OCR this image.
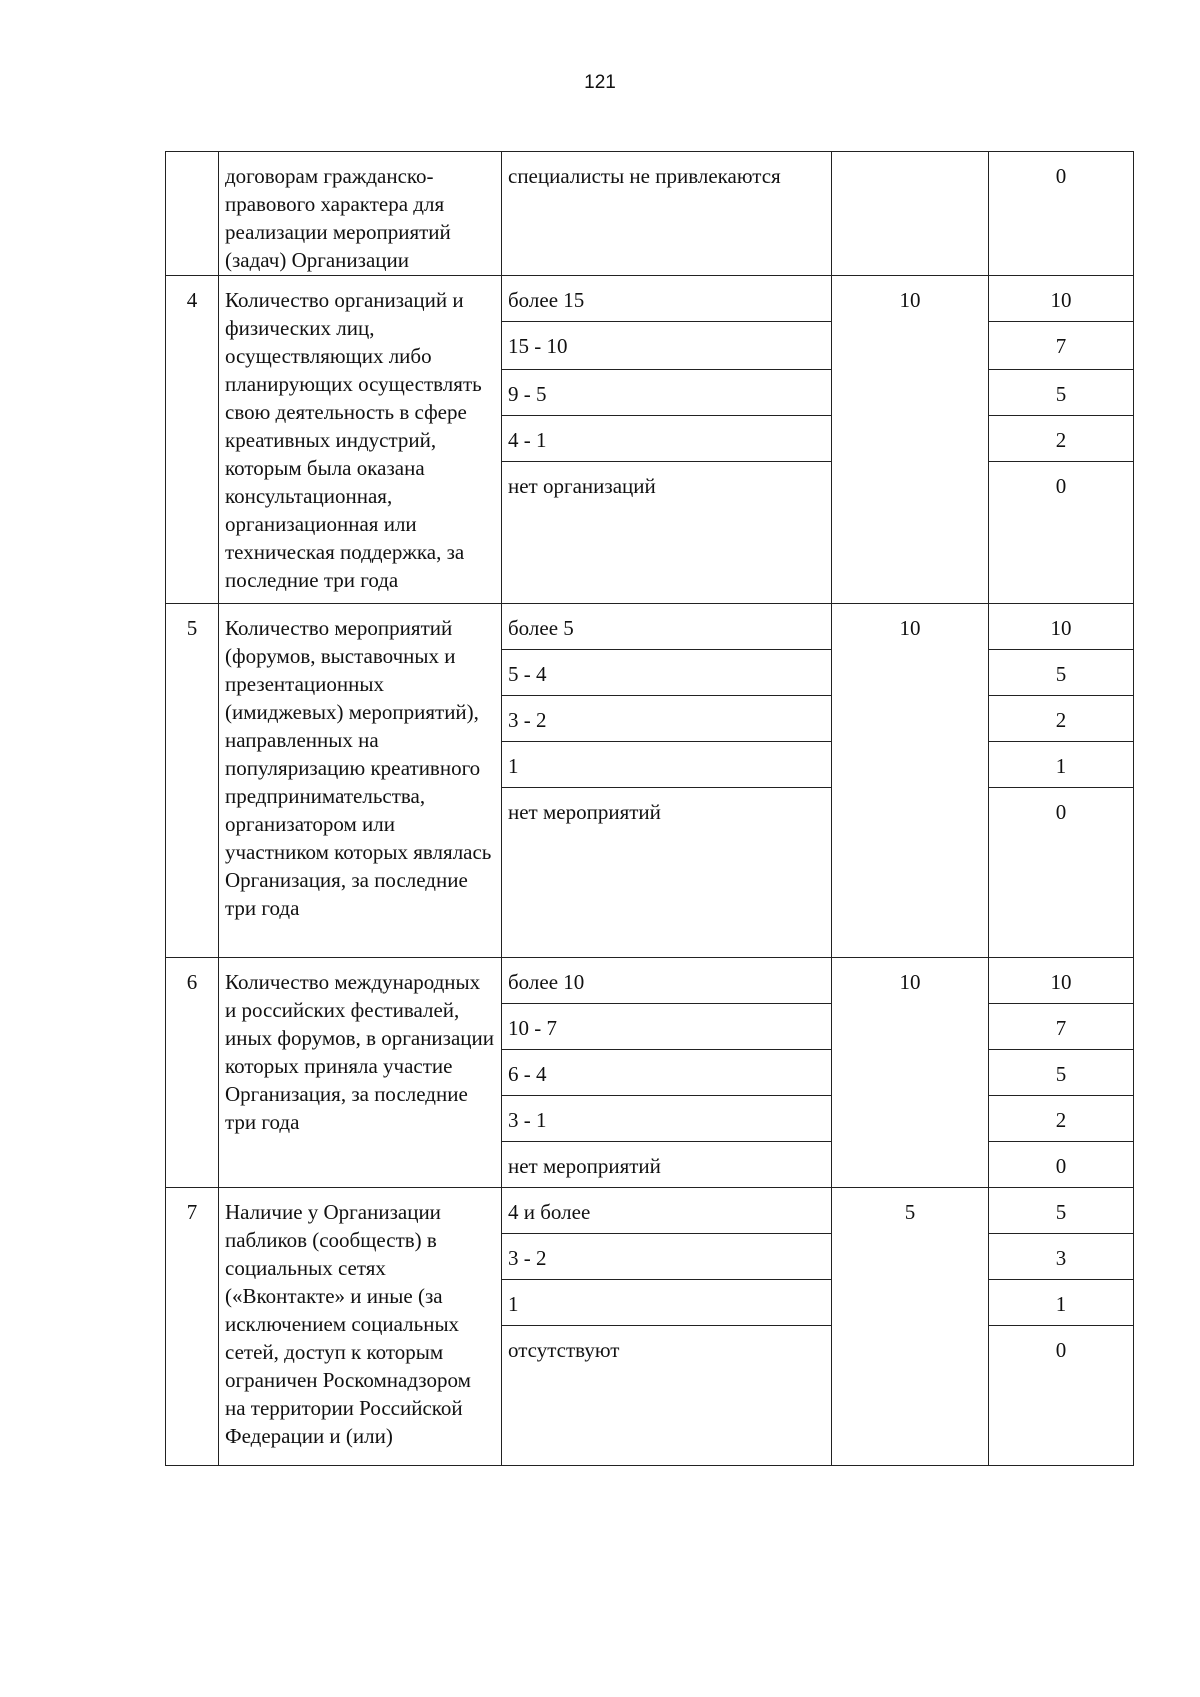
121
	договорам гражданско-правового характера для реализации мероприятий (задач) Организации	специалисты не привлекаются		0
4	Количество организаций и физических лиц, осуществляющих либо планирующих осуществлять свою деятельность в сфере креативных индустрий, которым была оказана консультационная, организационная или техническая поддержка, за последние три года	более 15	10	10
		15 - 10		7
		9 - 5		5
		4 - 1		2
		нет организаций		0
5	Количество мероприятий (форумов, выставочных и презентационных (имиджевых) мероприятий), направленных на популяризацию креативного предпринимательства, организатором или участником которых являлась Организация, за последние три года	более 5	10	10
		5 - 4		5
		3 - 2		2
		1		1
		нет мероприятий		0
6	Количество международных и российских фестивалей, иных форумов, в организации которых приняла участие Организация, за последние три года	более 10	10	10
		10 - 7		7
		6 - 4		5
		3 - 1		2
		нет мероприятий		0
7	Наличие у Организации пабликов (сообществ) в социальных сетях («Вконтакте» и иные (за исключением социальных сетей, доступ к которым ограничен Роскомнадзором на территории Российской Федерации и (или)	4 и более	5	5
		3 - 2		3
		1		1
		отсутствуют		0
